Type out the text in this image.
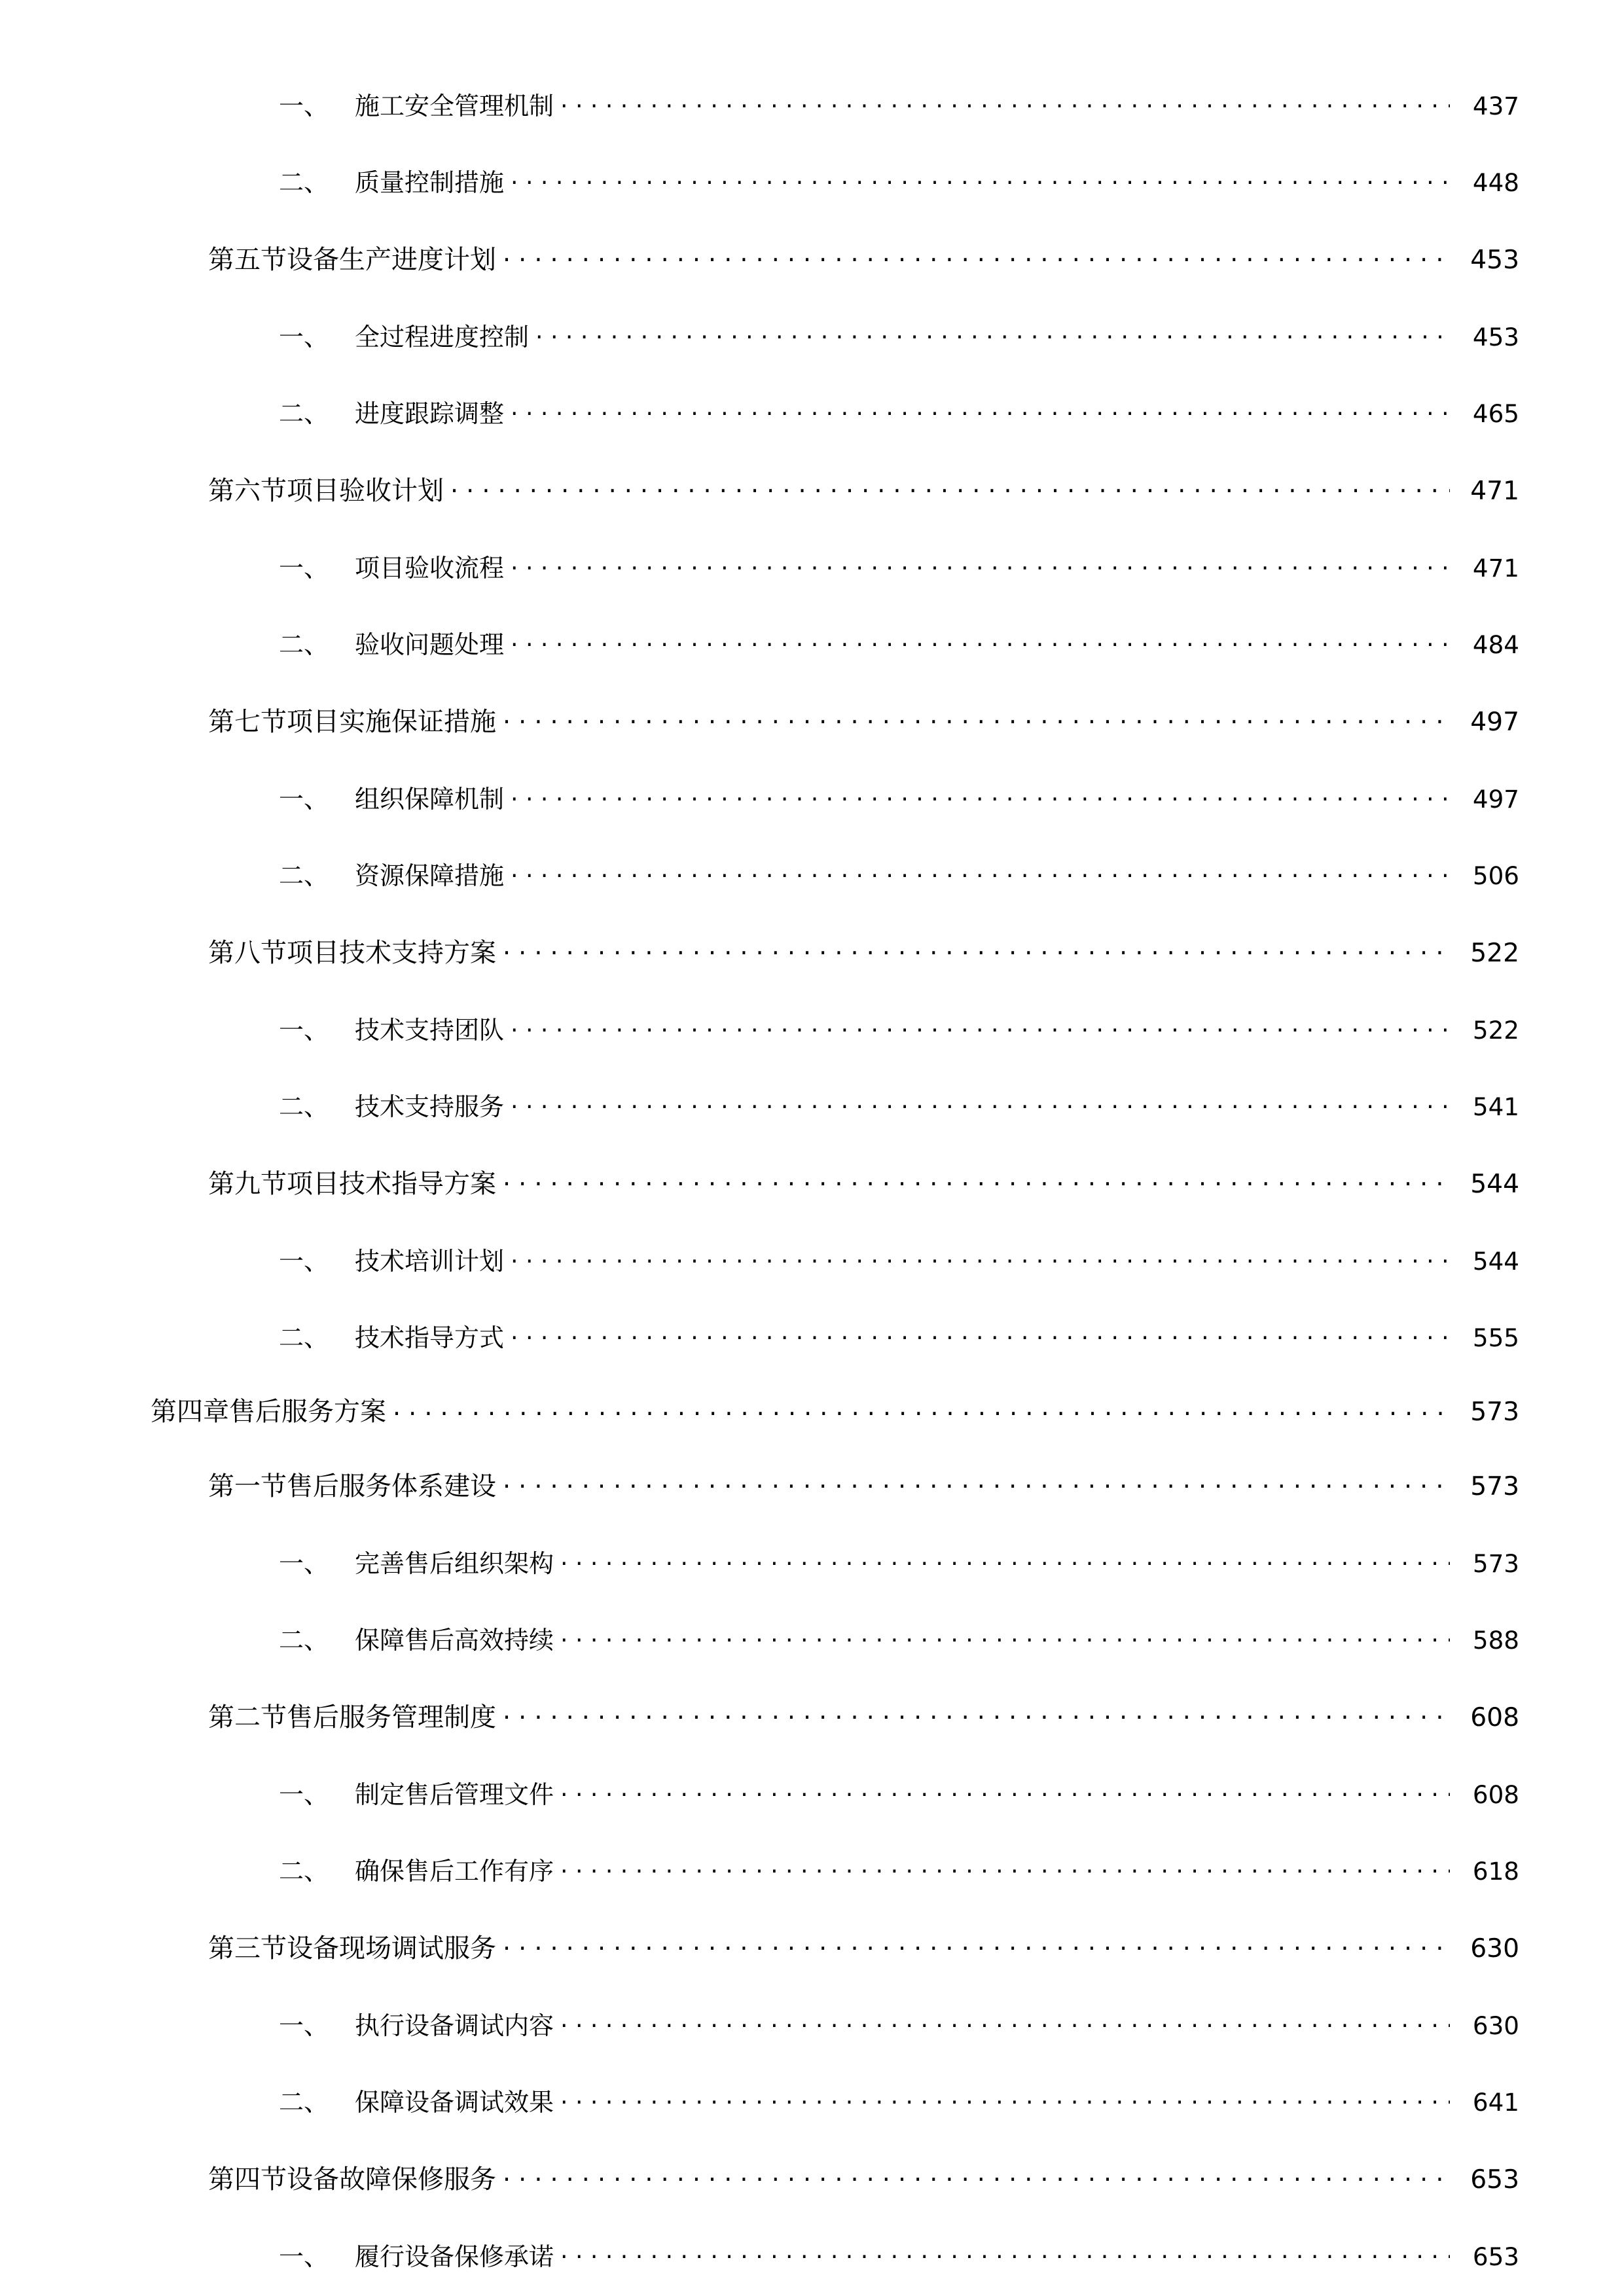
一、 施工安全管理机制 . . .	437
二、 质量控制措施 . . .	448
第五节设备生产进度计划 . . .	453
一、 全过程进度控制 . . .	453
二、 进度跟踪调整 . . .	465
第六节项目验收计划 . . .	471
一、 项目验收流程 . . .	471
二、 验收问题处理 . . .	484
第七节项目实施保证措施 . . .	497
一、 组织保障机制 . . .	497
二、 资源保障措施 . . .	506
第八节项目技术支持方案 . . .	522
一、 技术支持团队 . . .	522
二、 技术支持服务 . . .	541
第九节项目技术指导方案 . . .	544
一、 技术培训计划 . . .	544
二、 技术指导方式 . . .	555
第四章售后服务方案 . . .	573
第一节售后服务体系建设 . . .	573
一、 完善售后组织架构 . . .	573
二、 保障售后高效持续 . . .	588
第二节售后服务管理制度 . . .	608
一、 制定售后管理文件 . . .	608
二、 确保售后工作有序 . . .	618
第三节设备现场调试服务 . . .	630
一、 执行设备调试内容 . . .	630
二、 保障设备调试效果 . . .	641
第四节设备故障保修服务 . . .	653
一、 履行设备保修承诺 . . .	653
